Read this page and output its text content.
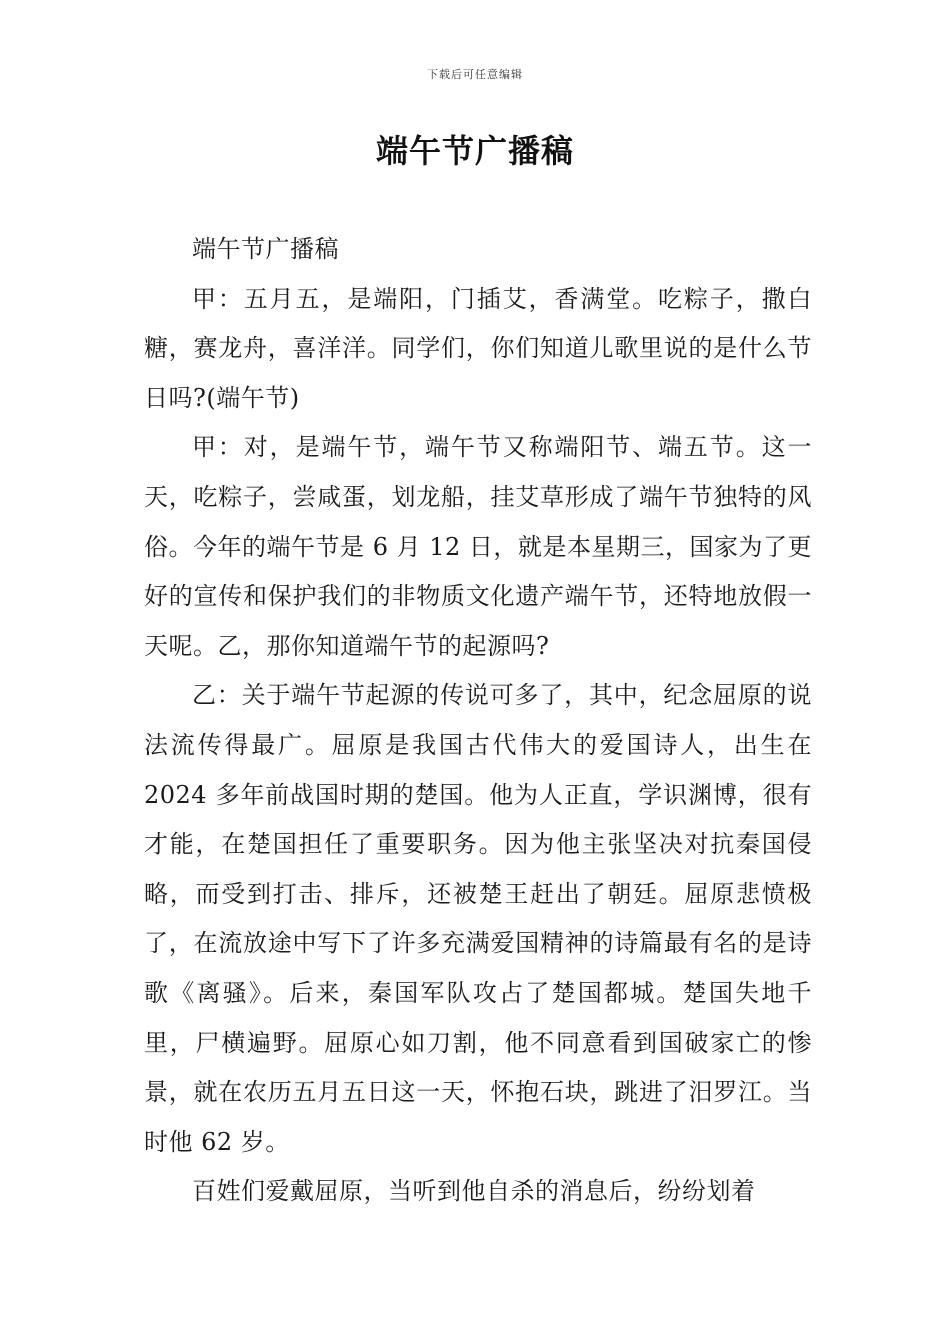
下载后可任意编辑
端午节广播稿

端午节广播稿

甲：五月五，是端阳，门插艾，香满堂。吃粽子，撒白糖，赛龙舟，喜洋洋。同学们，你们知道儿歌里说的是什么节日吗?(端午节)

甲：对，是端午节，端午节又称端阳节、端五节。这一天，吃粽子，尝咸蛋，划龙船，挂艾草形成了端午节独特的风俗。今年的端午节是 6 月 12 日，就是本星期三，国家为了更好的宣传和保护我们的非物质文化遗产端午节，还特地放假一天呢。乙，那你知道端午节的起源吗?

乙：关于端午节起源的传说可多了，其中，纪念屈原的说法流传得最广。屈原是我国古代伟大的爱国诗人，出生在 2024 多年前战国时期的楚国。他为人正直，学识渊博，很有才能，在楚国担任了重要职务。因为他主张坚决对抗秦国侵略，而受到打击、排斥，还被楚王赶出了朝廷。屈原悲愤极了，在流放途中写下了许多充满爱国精神的诗篇最有名的是诗歌《离骚》。后来，秦国军队攻占了楚国都城。楚国失地千里，尸横遍野。屈原心如刀割，他不同意看到国破家亡的惨景，就在农历五月五日这一天，怀抱石块，跳进了汨罗江。当时他 62 岁。

百姓们爱戴屈原，当听到他自杀的消息后，纷纷划着
